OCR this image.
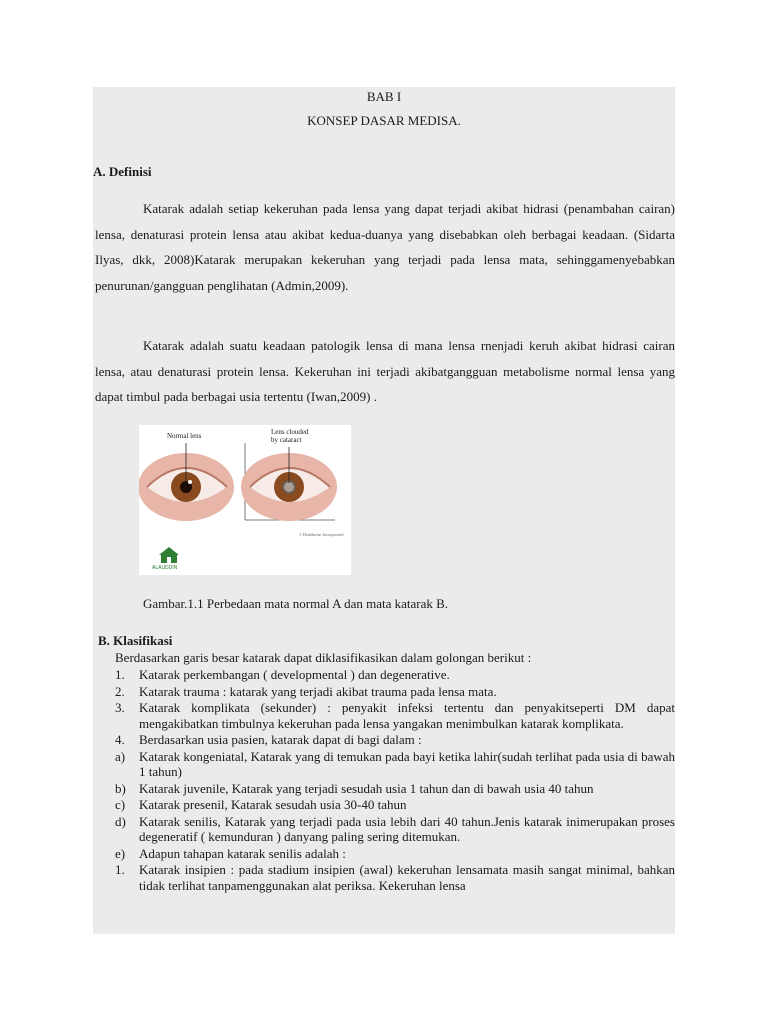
BAB I
KONSEP DASAR MEDISA.
A. Definisi

Katarak adalah setiap kekeruhan pada lensa yang dapat terjadi akibat hidrasi (penambahan cairan) lensa, denaturasi protein lensa atau akibat kedua-duanya yang disebabkan oleh berbagai keadaan. (Sidarta Ilyas, dkk, 2008)Katarak merupakan kekeruhan yang terjadi pada lensa mata, sehinggamenyebabkan penurunan/gangguan penglihatan (Admin,2009).

Katarak adalah suatu keadaan patologik lensa di mana lensa rnenjadi keruh akibat hidrasi cairan lensa, atau denaturasi protein lensa. Kekeruhan ini terjadi akibatgangguan metabolisme normal lensa yang dapat timbul pada berbagai usia tertentu (Iwan,2009) .

Normal lens	Lens clouded
by cataract
© Healthwise, Incorporated
ALAUDDIN
Gambar.1.1 Perbedaan mata normal A dan mata katarak B.
B. Klasifikasi
Berdasarkan garis besar katarak dapat diklasifikasikan dalam golongan berikut :
1. Katarak perkembangan ( developmental ) dan degenerative.
2. Katarak trauma : katarak yang terjadi akibat trauma pada lensa mata.
3. Katarak komplikata (sekunder) : penyakit infeksi tertentu dan penyakitseperti DM dapat mengakibatkan timbulnya kekeruhan pada lensa yangakan menimbulkan katarak komplikata.
4. Berdasarkan usia pasien, katarak dapat di bagi dalam :
a) Katarak kongeniatal, Katarak yang di temukan pada bayi ketika lahir(sudah terlihat pada usia di bawah 1 tahun)
b) Katarak juvenile, Katarak yang terjadi sesudah usia 1 tahun dan di bawah usia 40 tahun
c) Katarak presenil, Katarak sesudah usia 30-40 tahun
d) Katarak senilis, Katarak yang terjadi pada usia lebih dari 40 tahun.Jenis katarak inimerupakan proses degeneratif ( kemunduran ) danyang paling sering ditemukan.
e) Adapun tahapan katarak senilis adalah :
1. Katarak insipien : pada stadium insipien (awal) kekeruhan lensamata masih sangat minimal, bahkan tidak terlihat tanpamenggunakan alat periksa. Kekeruhan lensa
